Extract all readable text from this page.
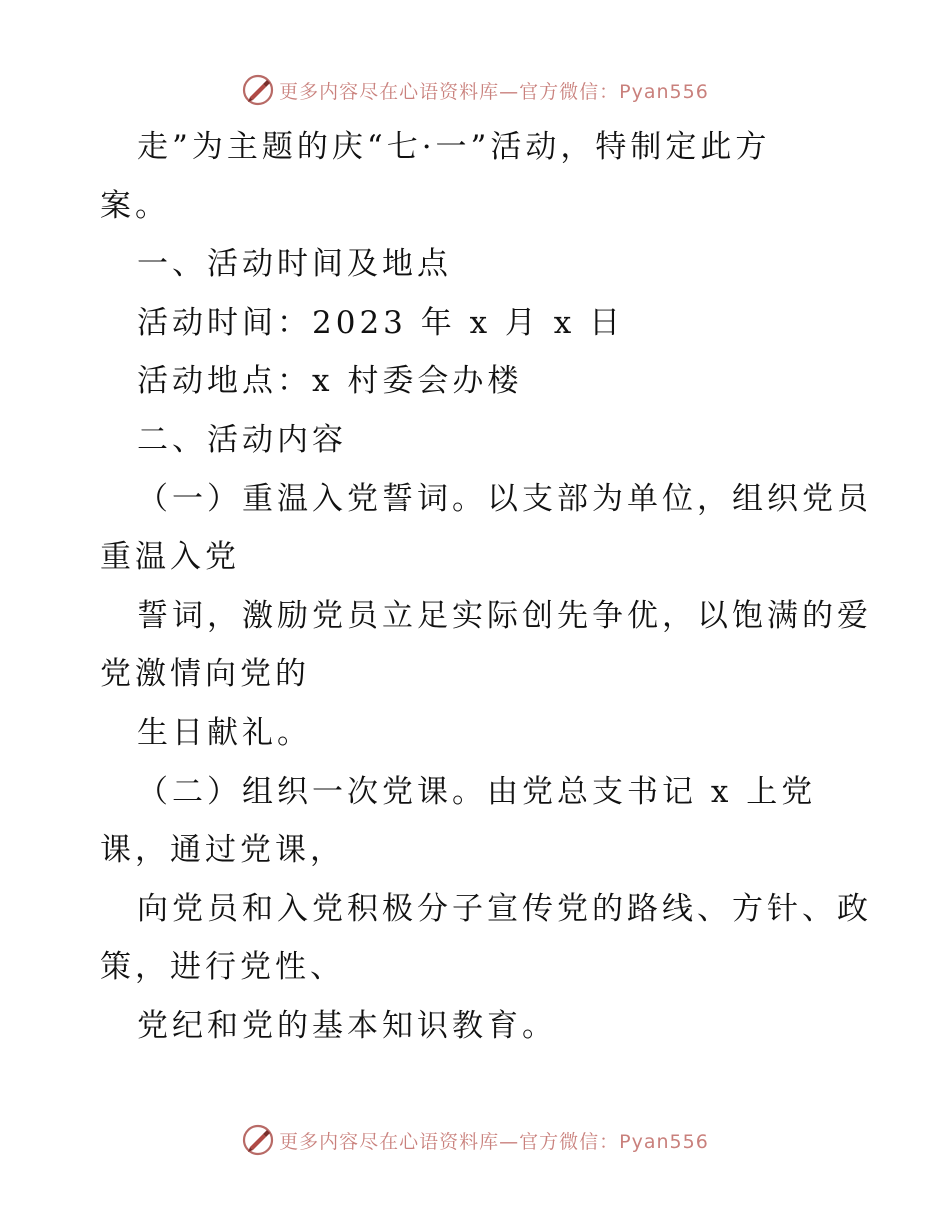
更多内容尽在心语资料库—官方微信：Pyan556
走”为主题的庆“七·一”活动，特制定此方
案。
一、活动时间及地点
活动时间：2023 年 x 月 x 日
活动地点：x 村委会办楼
二、活动内容
（一）重温入党誓词。以支部为单位，组织党员
重温入党
誓词，激励党员立足实际创先争优，以饱满的爱
党激情向党的
生日献礼。
（二）组织一次党课。由党总支书记 x 上党
课，通过党课，
向党员和入党积极分子宣传党的路线、方针、政
策，进行党性、
党纪和党的基本知识教育。
更多内容尽在心语资料库—官方微信：Pyan556
